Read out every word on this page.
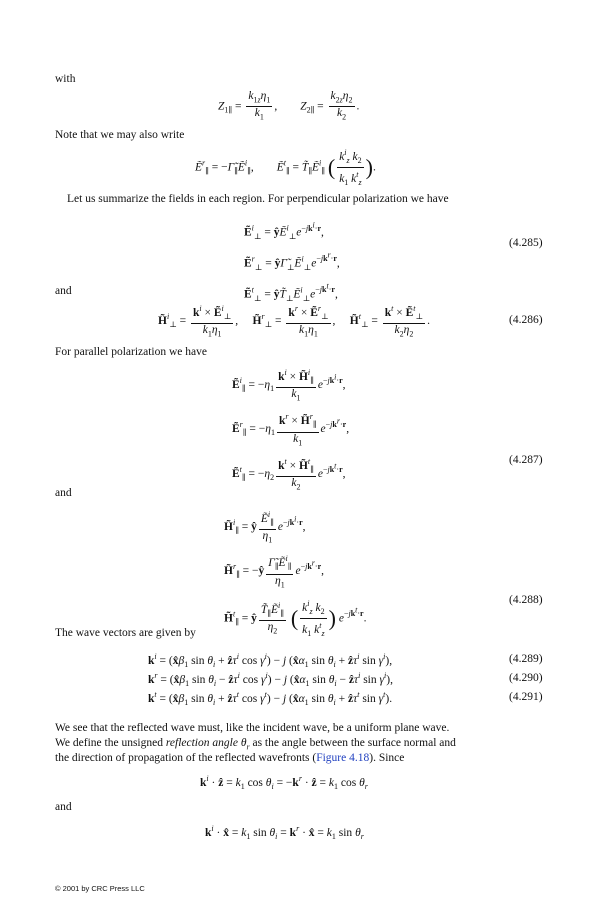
with
$Z_{1\parallel} = \frac{k_{1z}\eta_1}{k_1}$ ,        $Z_{2\parallel} = \frac{k_{2z}\eta_2}{k_2}$ .
Note that we may also write
Ẽ$^r_\parallel$ = $-\Gammã_\parallel Ẽ^i_\parallel$,        Ẽ$^t_\parallel$ = $T̃_\parallel Ẽ^i_\parallel$ ( $\frac{k^i_z k_2}{k_1 k^t_z}$ ).
Let us summarize the fields in each region. For perpendicular polarization we have
Ẽ$^i_\perp$ = $ŷẼ^i_\perp e^{-jk^i\cdot r}$,
Ẽ$^r_\perp$ = $ŷ\Gammã_\perp Ẽ^i_\perp e^{-jk^r\cdot r}$,
Ẽ$^t_\perp$ = $ŷT̃_\perp Ẽ^i_\perp e^{-jk^t\cdot r}$,
(4.285)
and
H̃$^i_\perp$ = $\frac{k^i \times Ẽ^i_\perp}{k_1\eta_1}$ ,     H̃$^r_\perp$ = $\frac{k^r \times Ẽ^r_\perp}{k_1\eta_1}$ ,     H̃$^t_\perp$ = $\frac{k^t \times Ẽ^t_\perp}{k_2\eta_2}$ .	(4.286)
For parallel polarization we have
Ẽ$^i_\parallel$ = $-\eta_1 \frac{k^i \times H̃^i_\parallel}{k_1} e^{-jk^i\cdot r}$,
Ẽ$^r_\parallel$ = $-\eta_1 \frac{k^r \times H̃^r_\parallel}{k_1} e^{-jk^r\cdot r}$,
Ẽ$^t_\parallel$ = $-\eta_2 \frac{k^t \times H̃^t_\parallel}{k_2} e^{-jk^t\cdot r}$,
(4.287)
and
H̃$^i_\parallel$ = ŷ $\frac{Ẽ^i_\parallel}{\eta_1} e^{-jk^i\cdot r}$,
H̃$^r_\parallel$ = −ŷ $\frac{\Gammã_\parallel Ẽ^i_\parallel}{\eta_1} e^{-jk^r\cdot r}$,
H̃$^t_\parallel$ = ŷ $\frac{T̃_\parallel Ẽ^i_\parallel}{\eta_2}$ ( $\frac{k^i_z k_2}{k_1 k^t_z}$ ) $e^{-jk^t\cdot r}$.
(4.288)
The wave vectors are given by
$k^i$ = ($x̂\beta_1$ $\sin \theta_i$ + ẑτ$^i$ $\cos \gamma^i) - j$ ($x̂\alpha_1$ $\sin \theta_i$ + ẑτ$^i$ $\sin \gamma^i$),	(4.289)
$k^r$ = ($x̂\beta_1$ $\sin \theta_i$ − ẑτ$^i$ $\cos \gamma^i) - j$ ($x̂\alpha_1$ $\sin \theta_i$ − ẑτ$^i$ $\sin \gamma^i$),	(4.290)
$k^t$ = ($x̂\beta_1$ $\sin \theta_i$ + ẑτ$^t$ $\cos \gamma^t) - j$ ($x̂\alpha_1$ $\sin \theta_i$ + ẑτ$^t$ $\sin \gamma^t$).	(4.291)
We see that the reflected wave must, like the incident wave, be a uniform plane wave.
We define the unsigned reflection angle $\theta_r$ as the angle between the surface normal and
the direction of propagation of the reflected wavefronts (Figure 4.18). Since
$k^i$ · ẑ = $k_1$ $\cos \theta_i = -k^r$ · ẑ = $k_1$ $\cos \theta_r$
and
$k^i$ · x̂ = $k_1$ $\sin \theta_i = k^r$ · x̂ = $k_1$ $\sin \theta_r$
© 2001 by CRC Press LLC
